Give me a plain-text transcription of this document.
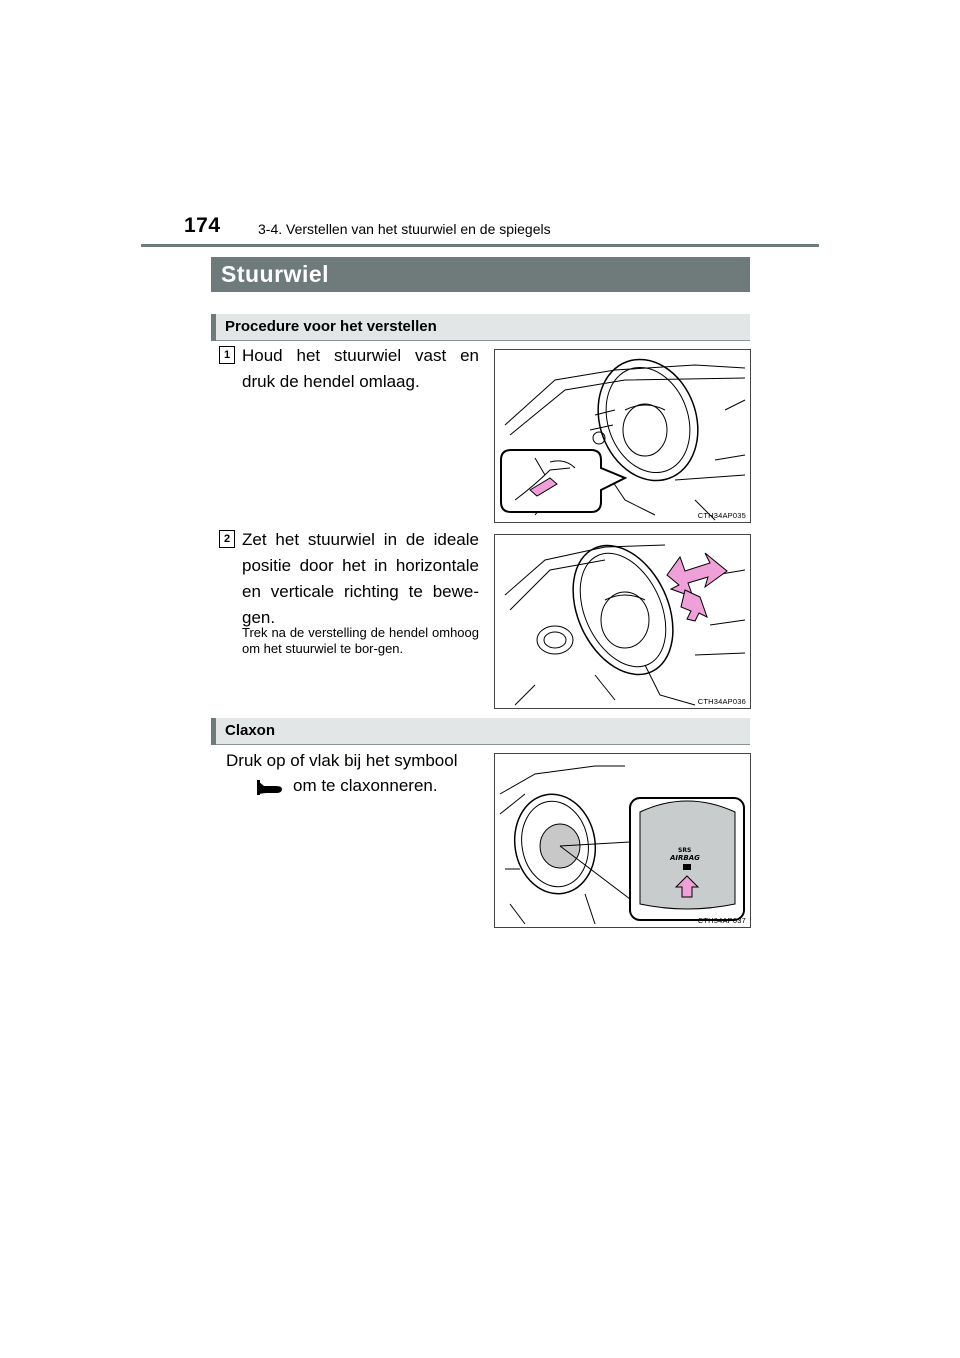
174	3-4. Verstellen van het stuurwiel en de spiegels
Stuurwiel
Procedure voor het verstellen
1 Houd het stuurwiel vast en druk de hendel omlaag.
CTH34AP035
2 Zet het stuurwiel in de ideale positie door het in horizontale en verticale richting te bewe-gen.
Trek na de verstelling de hendel omhoog om het stuurwiel te bor-gen.
CTH34AP036
Claxon
Druk op of vlak bij het symbool
om te claxonneren.
SRS
AIRBAG
CTH34AP037
